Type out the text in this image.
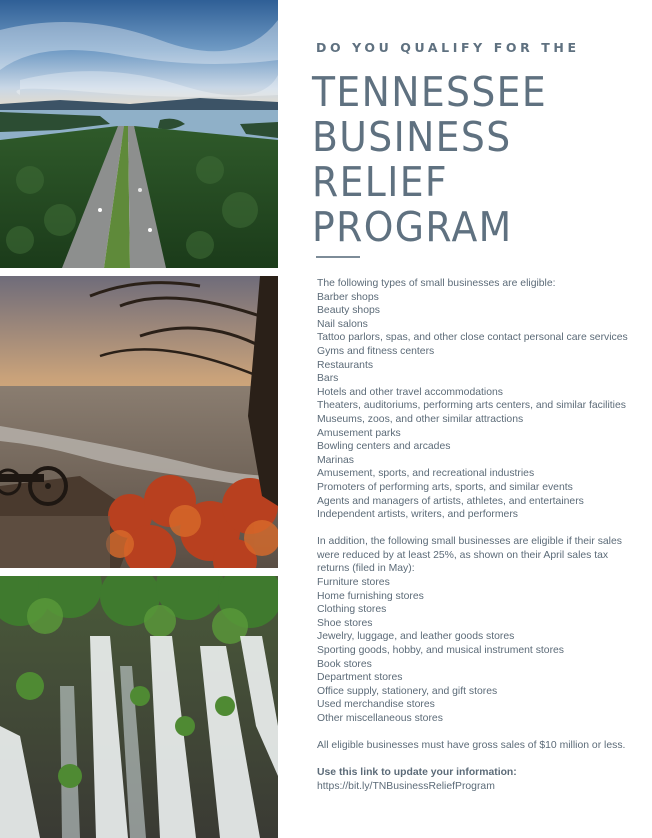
DO YOU QUALIFY FOR THE
TENNESSEE
BUSINESS
RELIEF
PROGRAM
The following types of small businesses are eligible:
Barber shops
Beauty shops
Nail salons
Tattoo parlors, spas, and other close contact personal care services
Gyms and fitness centers
Restaurants
Bars
Hotels and other travel accommodations
Theaters, auditoriums, performing arts centers, and similar facilities
Museums, zoos, and other similar attractions
Amusement parks
Bowling centers and arcades
Marinas
Amusement, sports, and recreational industries
Promoters of performing arts, sports, and similar events
Agents and managers of artists, athletes, and entertainers
Independent artists, writers, and performers
In addition, the following small businesses are eligible if their sales
were reduced by at least 25%, as shown on their April sales tax
returns (filed in May):
Furniture stores
Home furnishing stores
Clothing stores
Shoe stores
Jewelry, luggage, and leather goods stores
Sporting goods, hobby, and musical instrument stores
Book stores
Department stores
Office supply, stationery, and gift stores
Used merchandise stores
Other miscellaneous stores
All eligible businesses must have gross sales of $10 million or less.
Use this link to update your information:
https://bit.ly/TNBusinessReliefProgram
